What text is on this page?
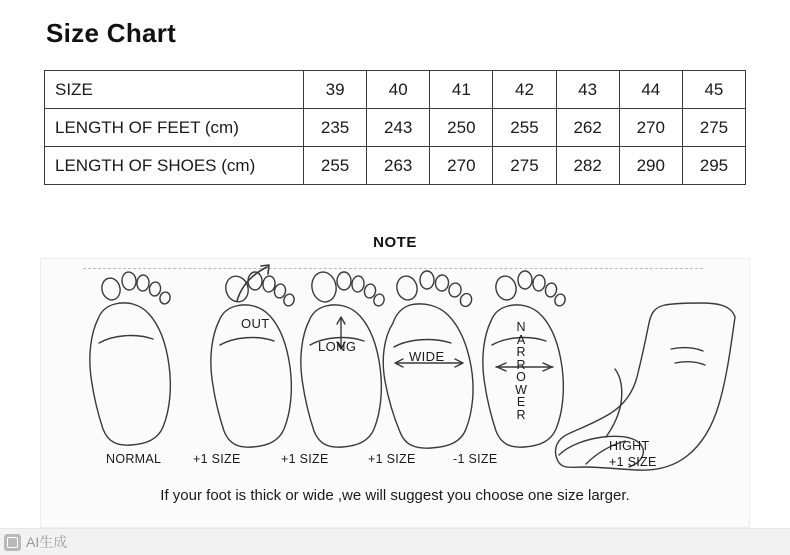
Size Chart
SIZE	39	40	41	42	43	44	45
LENGTH OF FEET (cm)	235	243	250	255	262	270	275
LENGTH OF SHOES (cm)	255	263	270	275	282	290	295
NOTE
OUT
LONG
WIDE
N
A
R
R
O
W
E
R
NORMAL	+1 SIZE	+1 SIZE	+1 SIZE	-1 SIZE
HIGHT
+1 SIZE
If your foot is thick or wide ,we will suggest you choose one size larger.
AI生成
